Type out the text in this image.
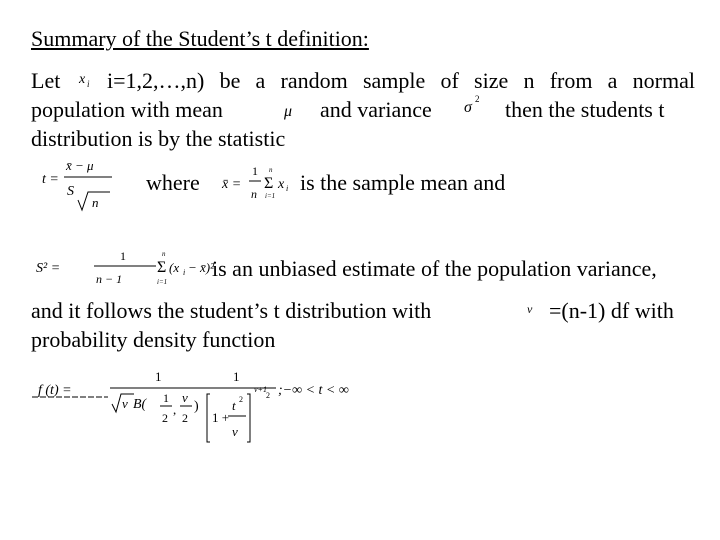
Summary of the Student’s t definition:
Let x i i=1,2,…,n) be a random sample of size n from a normal
population with mean	μ and variance σ 2 then the students t
distribution is by the statistic
t =
x̄ − μ
S
n
where x̄ =
1
n
n
Σ
i=1
x i is the sample mean and
S² =
1
n − 1
n
Σ
i=1
(x i − x̄)²
is an unbiased estimate of the population variance,
and it follows the student’s t distribution with	ν =(n-1) df with
probability density function
f (t) =
1
ν B( 1
2
,
ν
2
)
1
ν+1
2
1 +
t 2
ν
;−∞ < t < ∞
